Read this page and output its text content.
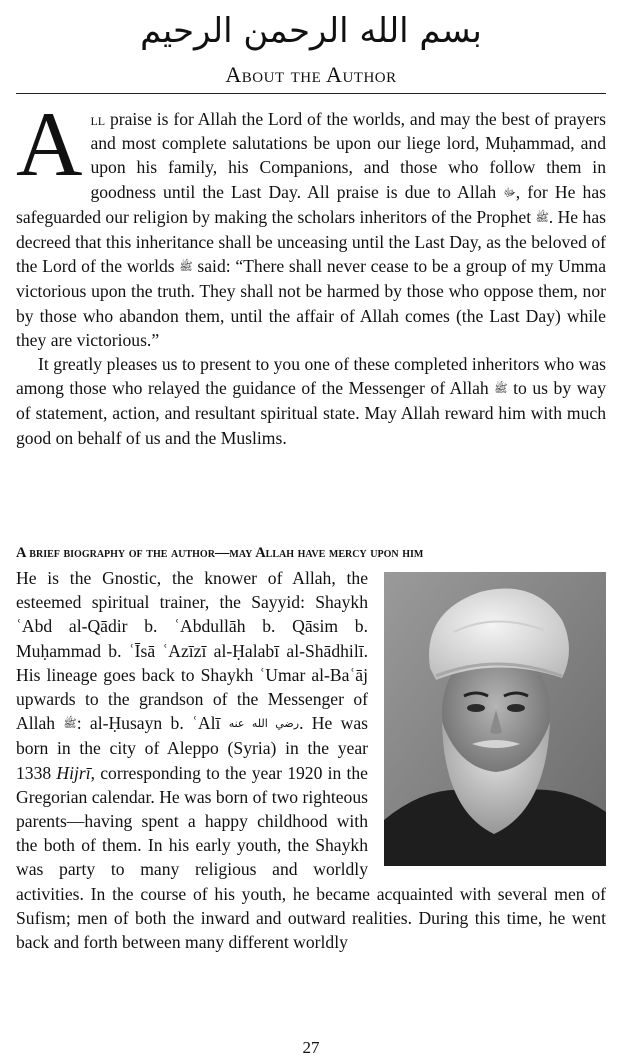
بسم الله الرحمن الرحيم
About the Author

All praise is for Allah the Lord of the worlds, and may the best of prayers and most complete salutations be upon our liege lord, Muḥammad, and upon his family, his Companions, and those who follow them in goodness until the Last Day. All praise is due to Allah ﷻ, for He has safeguarded our religion by making the scholars inheritors of the Prophet ﷺ. He has decreed that this inheritance shall be unceasing until the Last Day, as the beloved of the Lord of the worlds ﷺ said: “There shall never cease to be a group of my Umma victorious upon the truth. They shall not be harmed by those who oppose them, nor by those who abandon them, until the affair of Allah comes (the Last Day) while they are victorious.”

It greatly pleases us to present to you one of these completed inheritors who was among those who relayed the guidance of the Messenger of Allah ﷺ to us by way of statement, action, and resultant spiritual state. May Allah reward him with much good on behalf of us and the Muslims.

A brief biography of the author—may Allah have mercy upon him

He is the Gnostic, the knower of Allah, the esteemed spiritual trainer, the Sayyid: Shaykh ʿAbd al-Qādir b. ʿAbdullāh b. Qāsim b. Muḥammad b. ʿĪsā ʿAzīzī al-Ḥalabī al-Shādhilī. His lineage goes back to Shaykh ʿUmar al-Baʿāj upwards to the grandson of the Messenger of Allah ﷺ: al-Ḥusayn b. ʿAlī رضي الله عنه. He was born in the city of Aleppo (Syria) in the year 1338 Hijrī, corresponding to the year 1920 in the Gregorian calendar. He was born of two righteous parents—having spent a happy childhood with the both of them. In his early youth, the Shaykh was party to many religious and worldly activities. In the course of his youth, he became acquainted with several men of Sufism; men of both the inward and outward realities. During this time, he went back and forth between many different worldly

27
